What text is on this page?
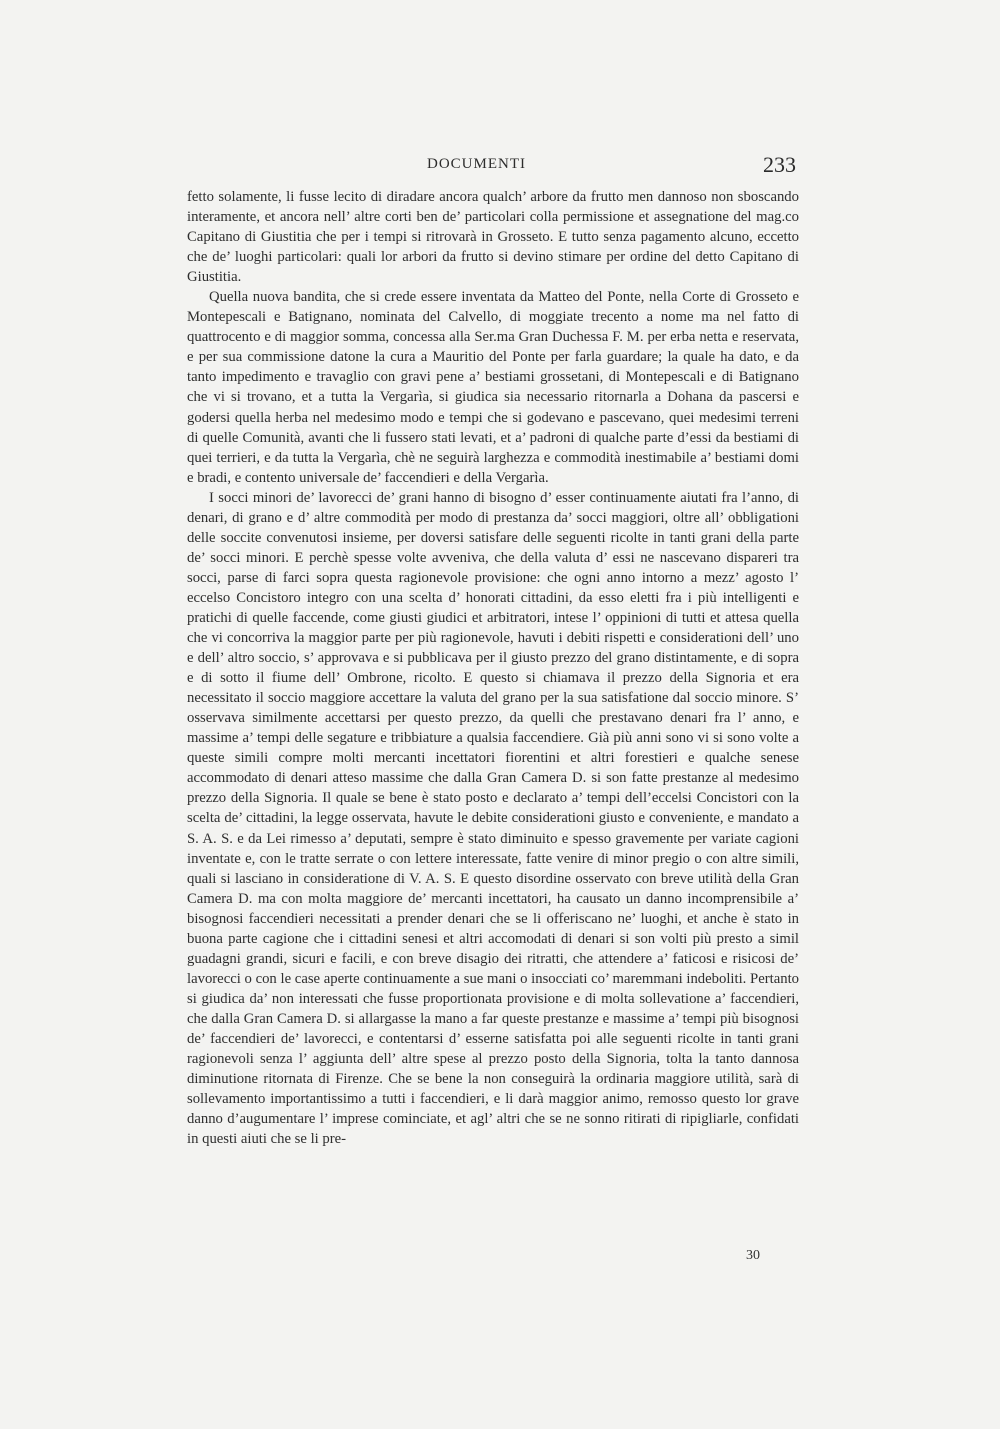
DOCUMENTI	233

fetto solamente, li fusse lecito di diradare ancora qualch’ arbore da frutto men dannoso non sboscando interamente, et ancora nell’ altre corti ben de’ particolari colla permissione et assegnatione del mag.co Capitano di Giustitia che per i tempi si ritrovarà in Grosseto. E tutto senza pagamento alcuno, eccetto che de’ luoghi particolari: quali lor arbori da frutto si devino stimare per ordine del detto Capitano di Giustitia.

Quella nuova bandita, che si crede essere inventata da Matteo del Ponte, nella Corte di Grosseto e Montepescali e Batignano, nominata del Calvello, di moggiate trecento a nome ma nel fatto di quattrocento e di maggior somma, concessa alla Ser.ma Gran Duchessa F. M. per erba netta e reservata, e per sua commissione datone la cura a Mauritio del Ponte per farla guardare; la quale ha dato, e da tanto impedimento e travaglio con gravi pene a’ bestiami grossetani, di Montepescali e di Batignano che vi si trovano, et a tutta la Vergarìa, si giudica sia necessario ritornarla a Dohana da pascersi e godersi quella herba nel medesimo modo e tempi che si godevano e pascevano, quei medesimi terreni di quelle Comunità, avanti che li fussero stati levati, et a’ padroni di qualche parte d’essi da bestiami di quei terrieri, e da tutta la Vergarìa, chè ne seguirà larghezza e commodità inestimabile a’ bestiami domi e bradi, e contento universale de’ faccendieri e della Vergarìa.

I socci minori de’ lavorecci de’ grani hanno di bisogno d’ esser continuamente aiutati fra l’anno, di denari, di grano e d’ altre commodità per modo di prestanza da’ socci maggiori, oltre all’ obbligationi delle soccite convenutosi insieme, per doversi satisfare delle seguenti ricolte in tanti grani della parte de’ socci minori. E perchè spesse volte avveniva, che della valuta d’ essi ne nascevano dispareri tra socci, parse di farci sopra questa ragionevole provisione: che ogni anno intorno a mezz’ agosto l’ eccelso Concistoro integro con una scelta d’ honorati cittadini, da esso eletti fra i più intelligenti e pratichi di quelle faccende, come giusti giudici et arbitratori, intese l’ oppinioni di tutti et attesa quella che vi concorriva la maggior parte per più ragionevole, havuti i debiti rispetti e considerationi dell’ uno e dell’ altro soccio, s’ approvava e si pubblicava per il giusto prezzo del grano distintamente, e di sopra e di sotto il fiume dell’ Ombrone, ricolto. E questo si chiamava il prezzo della Signoria et era necessitato il soccio maggiore accettare la valuta del grano per la sua satisfatione dal soccio minore. S’ osservava similmente accettarsi per questo prezzo, da quelli che prestavano denari fra l’ anno, e massime a’ tempi delle segature e tribbiature a qualsia faccendiere. Già più anni sono vi si sono volte a queste simili compre molti mercanti incettatori fiorentini et altri forestieri e qualche senese accommodato di denari atteso massime che dalla Gran Camera D. si son fatte prestanze al medesimo prezzo della Signoria. Il quale se bene è stato posto e declarato a’ tempi dell’eccelsi Concistori con la scelta de’ cittadini, la legge osservata, havute le debite considerationi giusto e conveniente, e mandato a S. A. S. e da Lei rimesso a’ deputati, sempre è stato diminuito e spesso gravemente per variate cagioni inventate e, con le tratte serrate o con lettere interessate, fatte venire di minor pregio o con altre simili, quali si lasciano in consideratione di V. A. S. E questo disordine osservato con breve utilità della Gran Camera D. ma con molta maggiore de’ mercanti incettatori, ha causato un danno incomprensibile a’ bisognosi faccendieri necessitati a prender denari che se li offeriscano ne’ luoghi, et anche è stato in buona parte cagione che i cittadini senesi et altri accomodati di denari si son volti più presto a simil guadagni grandi, sicuri e facili, e con breve disagio dei ritratti, che attendere a’ faticosi e risicosi de’ lavorecci o con le case aperte continuamente a sue mani o insocciati co’ maremmani indeboliti. Pertanto si giudica da’ non interessati che fusse proportionata provisione e di molta sollevatione a’ faccendieri, che dalla Gran Camera D. si allargasse la mano a far queste prestanze e massime a’ tempi più bisognosi de’ faccendieri de’ lavorecci, e contentarsi d’ esserne satisfatta poi alle seguenti ricolte in tanti grani ragionevoli senza l’ aggiunta dell’ altre spese al prezzo posto della Signoria, tolta la tanto dannosa diminutione ritornata di Firenze. Che se bene la non conseguirà la ordinaria maggiore utilità, sarà di sollevamento importantissimo a tutti i faccendieri, e li darà maggior animo, remosso questo lor grave danno d’augumentare l’ imprese cominciate, et agl’ altri che se ne sonno ritirati di ripigliarle, confidati in questi aiuti che se li pre-

30
